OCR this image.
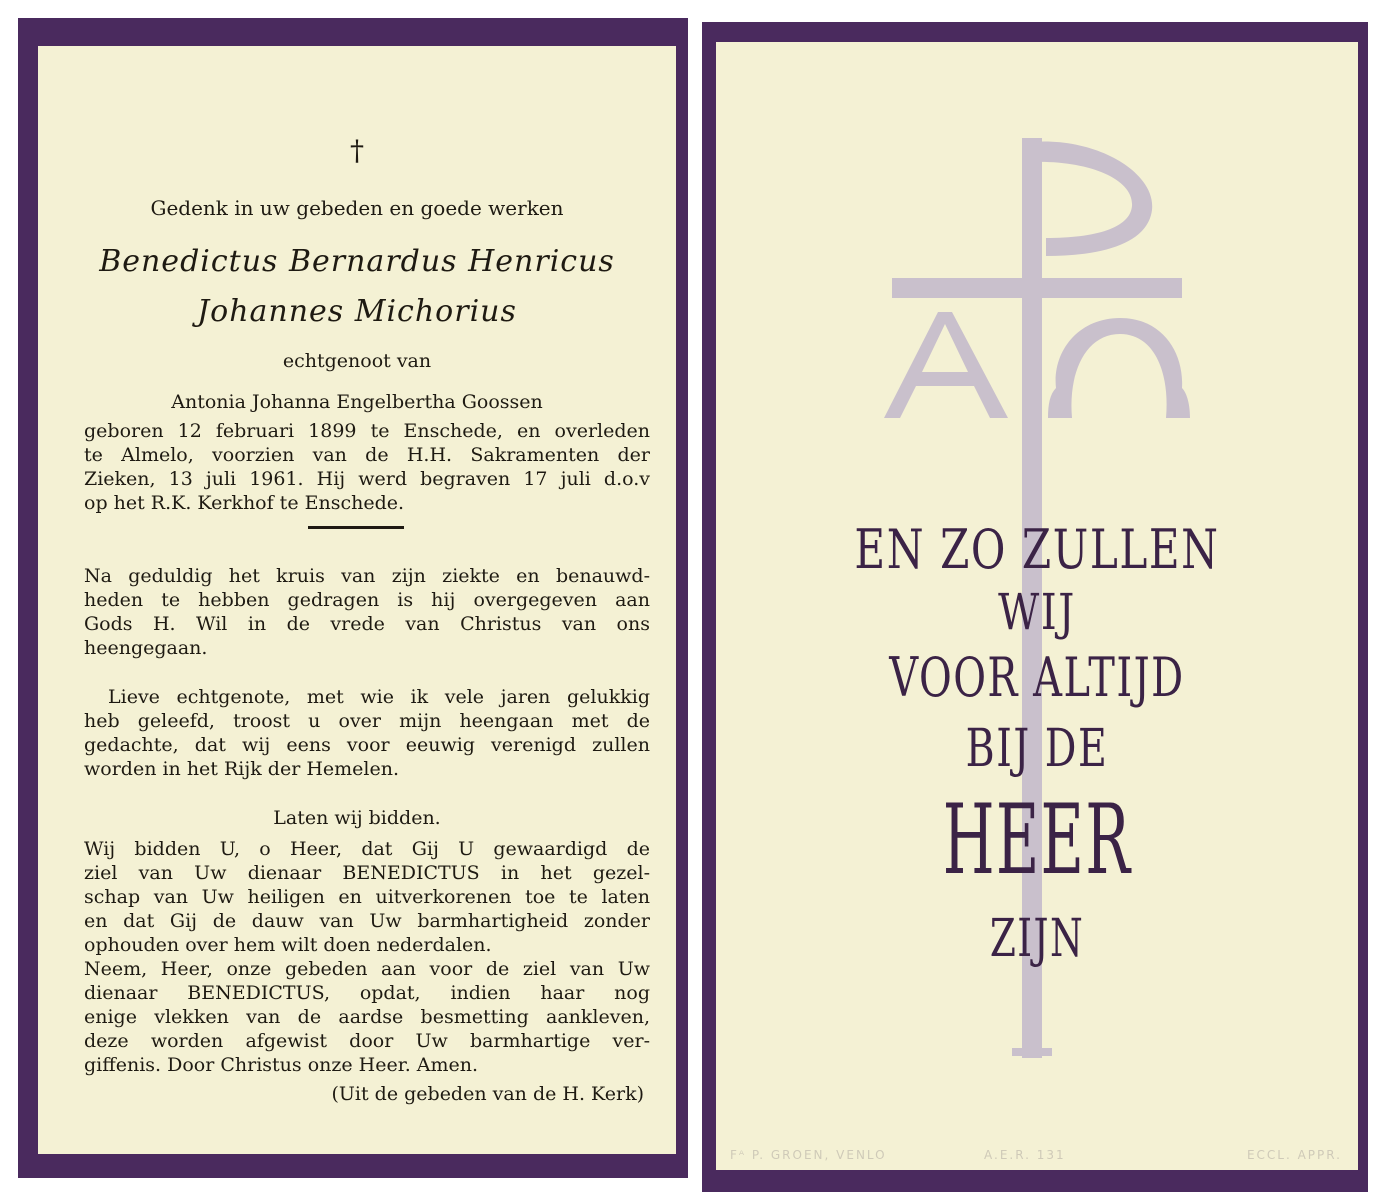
†
Gedenk in uw gebeden en goede werken
Benedictus Bernardus Henricus
Johannes Michorius
echtgenoot van
Antonia Johanna Engelbertha Goossen
geboren 12 februari 1899 te Enschede, en overleden
te Almelo, voorzien van de H.H. Sakramenten der
Zieken, 13 juli 1961. Hij werd begraven 17 juli d.o.v
op het R.K. Kerkhof te Enschede.
Na geduldig het kruis van zijn ziekte en benauwd-
heden te hebben gedragen is hij overgegeven aan
Gods H. Wil in de vrede van Christus van ons
heengegaan.
Lieve echtgenote, met wie ik vele jaren gelukkig
heb geleefd, troost u over mijn heengaan met de
gedachte, dat wij eens voor eeuwig verenigd zullen
worden in het Rijk der Hemelen.
Laten wij bidden.
Wij bidden U, o Heer, dat Gij U gewaardigd de
ziel van Uw dienaar BENEDICTUS in het gezel-
schap van Uw heiligen en uitverkorenen toe te laten
en dat Gij de dauw van Uw barmhartigheid zonder
ophouden over hem wilt doen nederdalen.
Neem, Heer, onze gebeden aan voor de ziel van Uw
dienaar BENEDICTUS, opdat, indien haar nog
enige vlekken van de aardse besmetting aankleven,
deze worden afgewist door Uw barmhartige ver-
giffenis. Door Christus onze Heer. Amen.
(Uit de gebeden van de H. Kerk)
EN ZO ZULLEN
WIJ
VOOR ALTIJD
BIJ DE
HEER
ZIJN
Fᴬ P. GROEN, VENLO	A.E.R. 131	ECCL. APPR.
